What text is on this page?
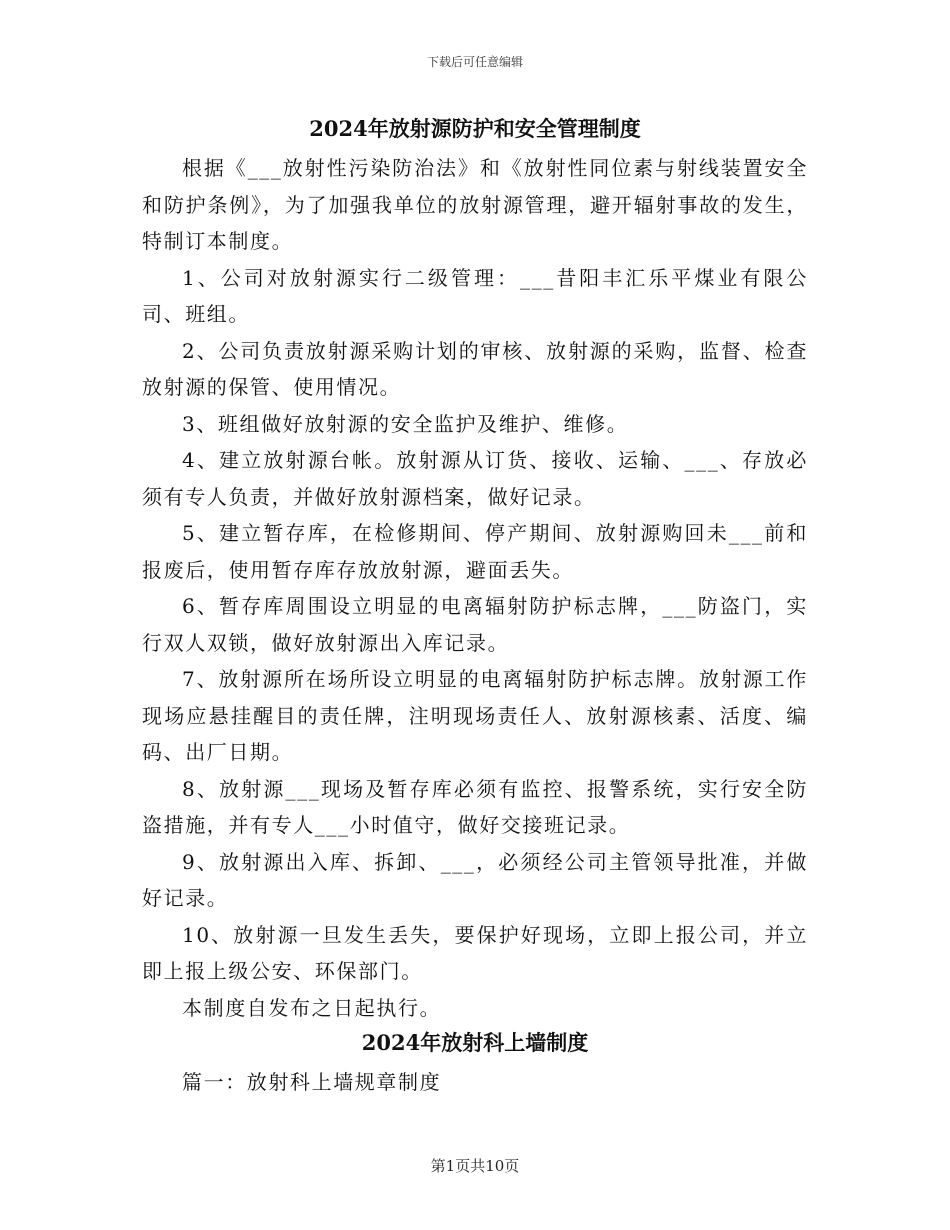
下载后可任意编辑
2024年放射源防护和安全管理制度

根据《___放射性污染防治法》和《放射性同位素与射线装置安全和防护条例》，为了加强我单位的放射源管理，避开辐射事故的发生，特制订本制度。

1、公司对放射源实行二级管理：___昔阳丰汇乐平煤业有限公司、班组。

2、公司负责放射源采购计划的审核、放射源的采购，监督、检查放射源的保管、使用情况。

3、班组做好放射源的安全监护及维护、维修。

4、建立放射源台帐。放射源从订货、接收、运输、___、存放必须有专人负责，并做好放射源档案，做好记录。

5、建立暂存库，在检修期间、停产期间、放射源购回未___前和报废后，使用暂存库存放放射源，避面丢失。

6、暂存库周围设立明显的电离辐射防护标志牌，___防盗门，实行双人双锁，做好放射源出入库记录。

7、放射源所在场所设立明显的电离辐射防护标志牌。放射源工作现场应悬挂醒目的责任牌，注明现场责任人、放射源核素、活度、编码、出厂日期。

8、放射源___现场及暂存库必须有监控、报警系统，实行安全防盗措施，并有专人___小时值守，做好交接班记录。

9、放射源出入库、拆卸、___，必须经公司主管领导批准，并做好记录。

10、放射源一旦发生丢失，要保护好现场，立即上报公司，并立即上报上级公安、环保部门。

本制度自发布之日起执行。

2024年放射科上墙制度

篇一：放射科上墙规章制度

第1页共10页
